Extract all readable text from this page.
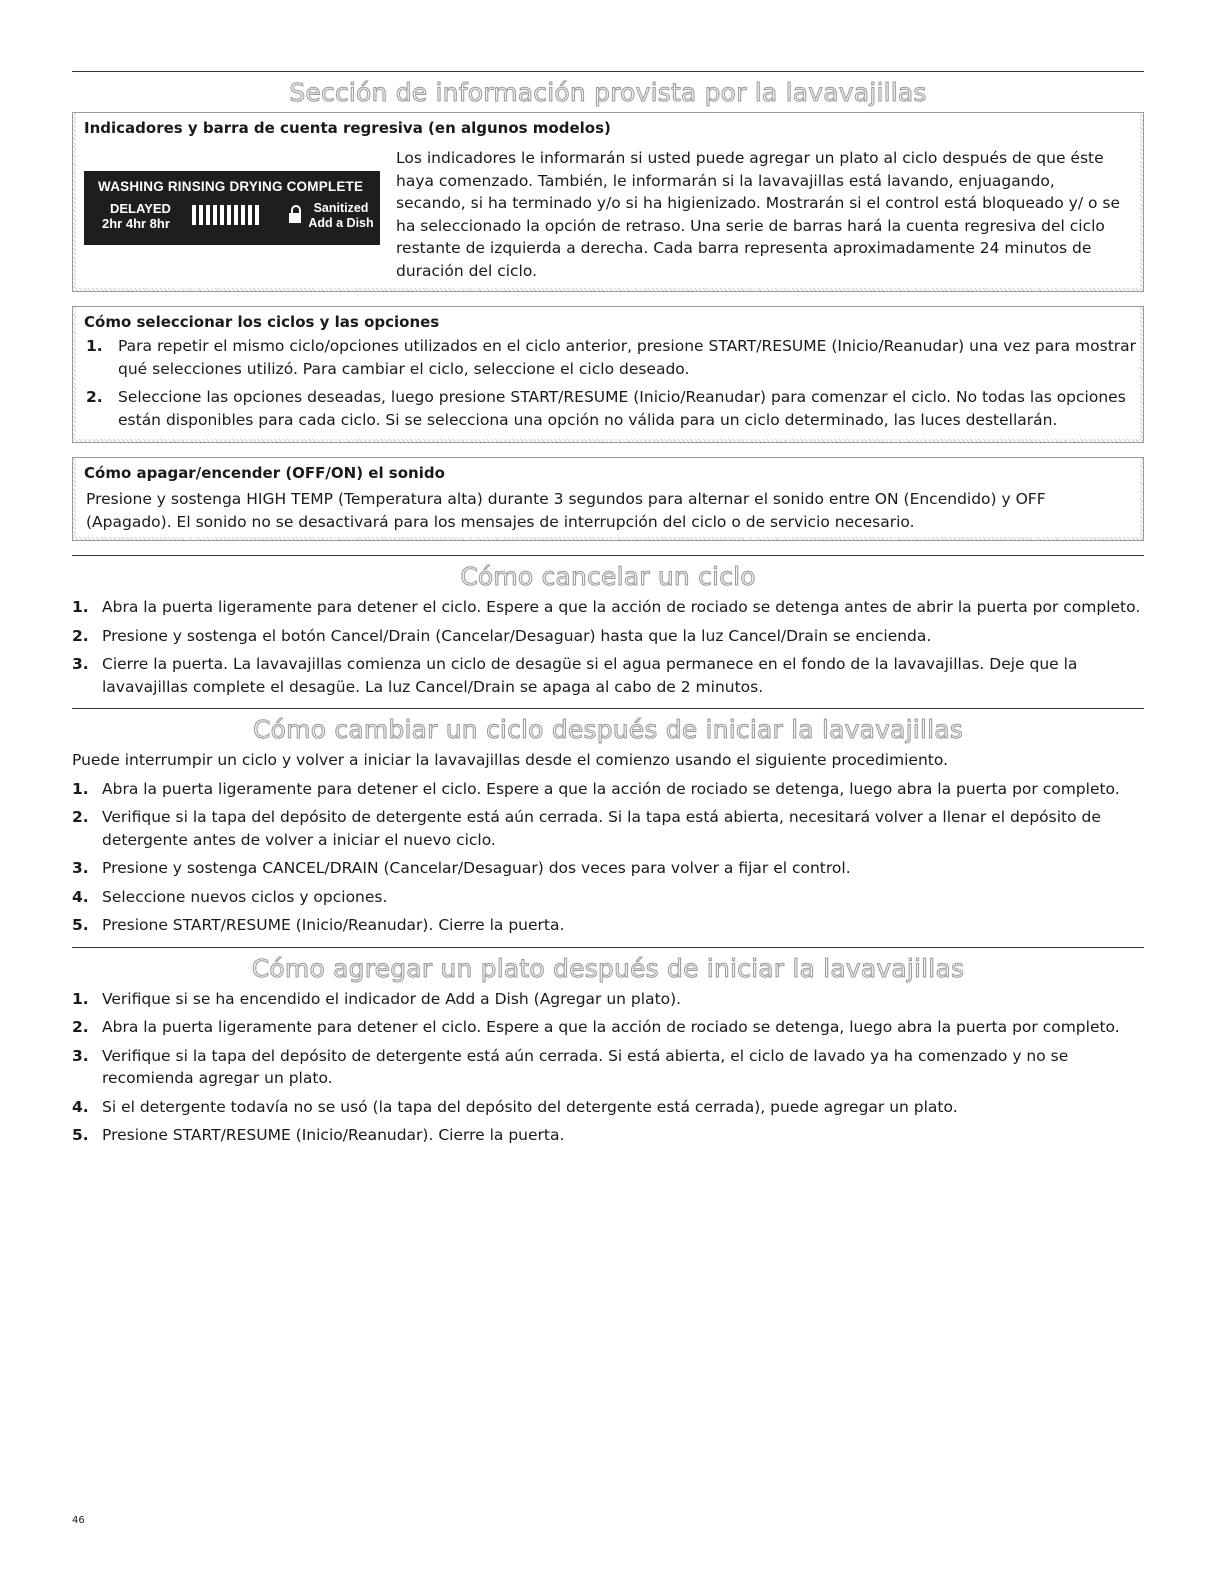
Sección de información provista por la lavavajillas
Indicadores y barra de cuenta regresiva (en algunos modelos)
WASHING RINSING DRYING COMPLETE
DELAYED
2hr 4hr 8hr
Sanitized
Add a Dish
Los indicadores le informarán si usted puede agregar un plato al ciclo después de que éste haya comenzado. También, le informarán si la lavavajillas está lavando, enjuagando, secando, si ha terminado y/o si ha higienizado. Mostrarán si el control está bloqueado y/ o se ha seleccionado la opción de retraso. Una serie de barras hará la cuenta regresiva del ciclo restante de izquierda a derecha. Cada barra representa aproximadamente 24 minutos de duración del ciclo.
Cómo seleccionar los ciclos y las opciones
1. Para repetir el mismo ciclo/opciones utilizados en el ciclo anterior, presione START/RESUME (Inicio/Reanudar) una vez para mostrar qué selecciones utilizó. Para cambiar el ciclo, seleccione el ciclo deseado.
2. Seleccione las opciones deseadas, luego presione START/RESUME (Inicio/Reanudar) para comenzar el ciclo. No todas las opciones están disponibles para cada ciclo. Si se selecciona una opción no válida para un ciclo determinado, las luces destellarán.
Cómo apagar/encender (OFF/ON) el sonido
Presione y sostenga HIGH TEMP (Temperatura alta) durante 3 segundos para alternar el sonido entre ON (Encendido) y OFF (Apagado). El sonido no se desactivará para los mensajes de interrupción del ciclo o de servicio necesario.
Cómo cancelar un ciclo
1. Abra la puerta ligeramente para detener el ciclo. Espere a que la acción de rociado se detenga antes de abrir la puerta por completo.
2. Presione y sostenga el botón Cancel/Drain (Cancelar/Desaguar) hasta que la luz Cancel/Drain se encienda.
3. Cierre la puerta. La lavavajillas comienza un ciclo de desagüe si el agua permanece en el fondo de la lavavajillas. Deje que la lavavajillas complete el desagüe. La luz Cancel/Drain se apaga al cabo de 2 minutos.
Cómo cambiar un ciclo después de iniciar la lavavajillas
Puede interrumpir un ciclo y volver a iniciar la lavavajillas desde el comienzo usando el siguiente procedimiento.
1. Abra la puerta ligeramente para detener el ciclo. Espere a que la acción de rociado se detenga, luego abra la puerta por completo.
2. Verifique si la tapa del depósito de detergente está aún cerrada. Si la tapa está abierta, necesitará volver a llenar el depósito de detergente antes de volver a iniciar el nuevo ciclo.
3. Presione y sostenga CANCEL/DRAIN (Cancelar/Desaguar) dos veces para volver a fijar el control.
4. Seleccione nuevos ciclos y opciones.
5. Presione START/RESUME (Inicio/Reanudar). Cierre la puerta.
Cómo agregar un plato después de iniciar la lavavajillas
1. Verifique si se ha encendido el indicador de Add a Dish (Agregar un plato).
2. Abra la puerta ligeramente para detener el ciclo. Espere a que la acción de rociado se detenga, luego abra la puerta por completo.
3. Verifique si la tapa del depósito de detergente está aún cerrada. Si está abierta, el ciclo de lavado ya ha comenzado y no se recomienda agregar un plato.
4. Si el detergente todavía no se usó (la tapa del depósito del detergente está cerrada), puede agregar un plato.
5. Presione START/RESUME (Inicio/Reanudar). Cierre la puerta.
46
